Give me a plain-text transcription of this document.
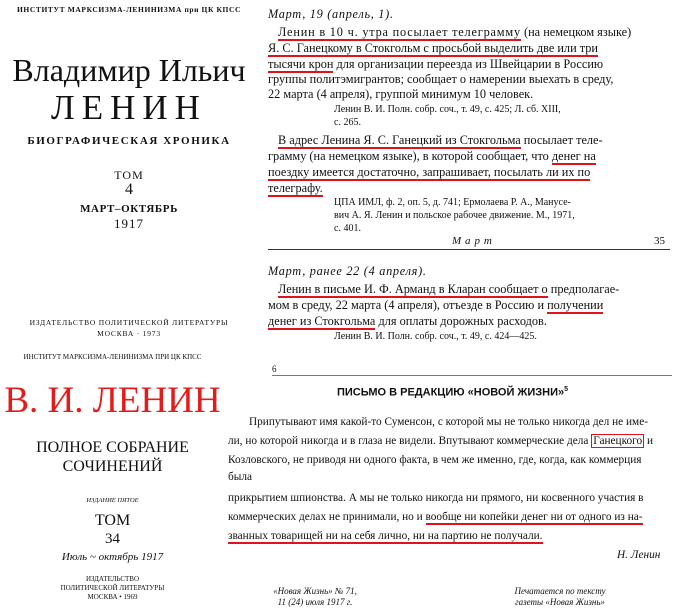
ИНСТИТУТ МАРКСИЗМА-ЛЕНИНИЗМА при ЦК КПСС
Владимир Ильич
ЛЕНИН
БИОГРАФИЧЕСКАЯ ХРОНИКА
ТОМ
4
МАРТ–ОКТЯБРЬ
1917
ИЗДАТЕЛЬСТВО ПОЛИТИЧЕСКОЙ ЛИТЕРАТУРЫ
МОСКВА · 1973
ИНСТИТУТ МАРКСИЗМА-ЛЕНИНИЗМА ПРИ ЦК КПСС
В. И. ЛЕНИН
ПОЛНОЕ СОБРАНИЕ
СОЧИНЕНИЙ
ИЗДАНИЕ ПЯТОЕ
ТОМ
34
Июль ~ октябрь 1917
ИЗДАТЕЛЬСТВО
ПОЛИТИЧЕСКОЙ ЛИТЕРАТУРЫ
МОСКВА • 1969
Март, 19 (апрель, 1).
Ленин в 10 ч. утра посылает телеграмму (на немецком языке)
Я. С. Ганецкому в Стокгольм с просьбой выделить две или три
тысячи крон для организации переезда из Швейцарии в Россию
группы политэмигрантов; сообщает о намерении выехать в среду,
22 марта (4 апреля), группой минимум 10 человек.
Ленин В. И. Полн. собр. соч., т. 49, с. 425; Л. сб. XIII,
с. 265.
В адрес Ленина Я. С. Ганецкий из Стокгольма посылает теле-
грамму (на немецком языке), в которой сообщает, что денег на
поездку имеется достаточно, запрашивает, посылать ли их по
телеграфу.
ЦПА ИМЛ, ф. 2, оп. 5, д. 741; Ермолаева Р. А., Манусе-
вич А. Я. Ленин и польское рабочее движение. М., 1971,
с. 401.
Март	35
Март, ранее 22 (4 апреля).
Ленин в письме И. Ф. Арманд в Кларан сообщает о предполагае-
мом в среду, 22 марта (4 апреля), отъезде в Россию и получении
денег из Стокгольма для оплаты дорожных расходов.
Ленин В. И. Полн. собр. соч., т. 49, с. 424—425.
6
ПИСЬМО В РЕДАКЦИЮ «НОВОЙ ЖИЗНИ»$^5$
Припутывают имя какой-то Суменсон, с которой мы не только никогда дел не име-
ли, но которой никогда и в глаза не видели. Впутывают коммерческие дела Ганецкого и
Козловского, не приводя ни одного факта, в чем же именно, где, когда, как коммерция
была
прикрытием шпионства. А мы не только никогда ни прямого, ни косвенного участия в
коммерческих делах не принимали, но и вообще ни копейки денег ни от одного из на-
званных товарищей ни на себя лично, ни на партию не получали.
Н. Ленин
«Новая Жизнь» № 71,
11 (24) июля 1917 г.
Печатается по тексту
газеты «Новая Жизнь»
